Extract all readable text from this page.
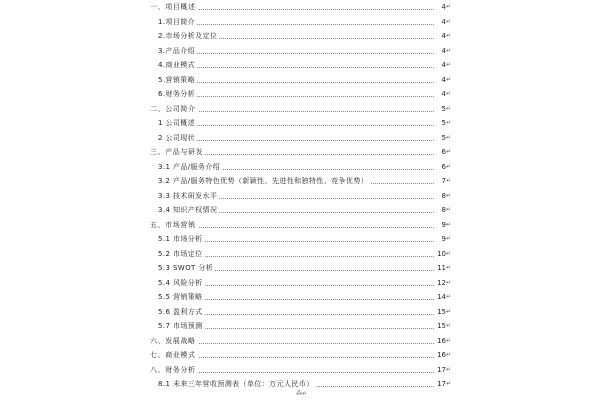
一、项目概述	4 ↵
1.项目简介	4 ↵
2.市场分析及定位	4 ↵
3.产品介绍	4 ↵
4.商业模式	4 ↵
5.营销策略	4 ↵
6.财务分析	4 ↵
二、公司简介	5 ↵
1 公司概述	5 ↵
2 公司现状	5 ↵
三、产品与研发	6 ↵
3.1 产品/服务介绍	6 ↵
3.2 产品/服务特色优势（新颖性、先进性和独特性、竞争优势）	7 ↵
3.3 技术研发水平	8 ↵
3.4 知识产权情况	8 ↵
五、市场营销	9 ↵
5.1 市场分析	9 ↵
5.2 市场定位	10 ↵
5.3 SWOT 分析	11 ↵
5.4 风险分析	12 ↵
5.5 营销策略	14 ↵
5.6 盈利方式	15 ↵
5.7 市场预测	15 ↵
六、发展战略	16 ↵
七、商业模式	16 ↵
八、财务分析	17 ↵
8.1 未来三年营收预测表（单位：万元人民币）	17 ↵
⁂↵
